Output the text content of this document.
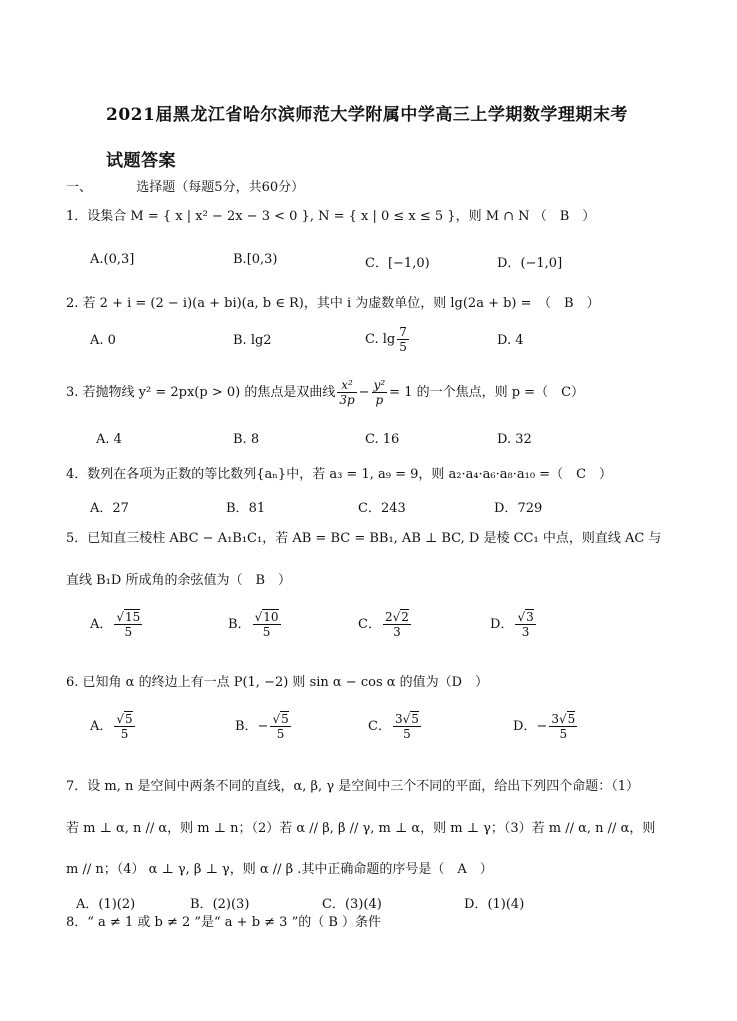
2021届黑龙江省哈尔滨师范大学附属中学高三上学期数学理期末考
试题答案
一、	选择题（每题5分，共60分）
1．设集合 M = { x | x² − 2x − 3 < 0 }, N = { x | 0 ≤ x ≤ 5 }，则 M ∩ N （　B　）
A.(0,3]	B.[0,3)	C．[−1,0)	D．(−1,0]
2. 若 2 + i = (2 − i)(a + bi)(a, b ∈ R)，其中 i 为虚数单位，则 lg(2a + b) =　（　B　）
A. 0	B. lg2	C. $\lg \frac{7}{5}$	D. 4
3. 若抛物线 y² = 2px(p > 0) 的焦点是双曲线 $\frac{\text{x²}}{3p} - \frac{\text{y²}}{p} = 1$ 的一个焦点，则 p =（　C）
A. 4	B. 8	C. 16	D. 32
4．数列在各项为正数的等比数列{aₙ}中，若 a₃ = 1, a₉ = 9，则 a₂·a₄·a₆·a₈·a₁₀ =（　C　）
A．27	B．81	C．243	D．729
5．已知直三棱柱 ABC − A₁B₁C₁，若 AB = BC = BB₁, AB ⊥ BC, D 是棱 CC₁ 中点，则直线 AC 与
直线 B₁D 所成角的余弦值为（　B　）
A． $\frac{√15}{5}$	B． $\frac{√10}{5}$	C． $\frac{2√2}{3}$	D． $\frac{√3}{3}$
6. 已知角 α 的终边上有一点 P(1, −2) 则 sin α − cos α 的值为（D　）
A． $\frac{√5}{5}$	B．− $\frac{√5}{5}$	C． $\frac{3√5}{5}$	D．− $\frac{3√5}{5}$
7．设 m, n 是空间中两条不同的直线，α, β, γ 是空间中三个不同的平面，给出下列四个命题：（1）
若 m ⊥ α, n // α，则 m ⊥ n；（2）若 α // β, β // γ, m ⊥ α，则 m ⊥ γ；（3）若 m // α, n // α，则
m // n；（4） α ⊥ γ, β ⊥ γ，则 α // β .其中正确命题的序号是（　A　）
A．(1)(2)	B．(2)(3)	C．(3)(4)	D．(1)(4)
8．“ a ≠ 1 或 b ≠ 2 ”是“ a + b ≠ 3 ”的（ B ）条件
